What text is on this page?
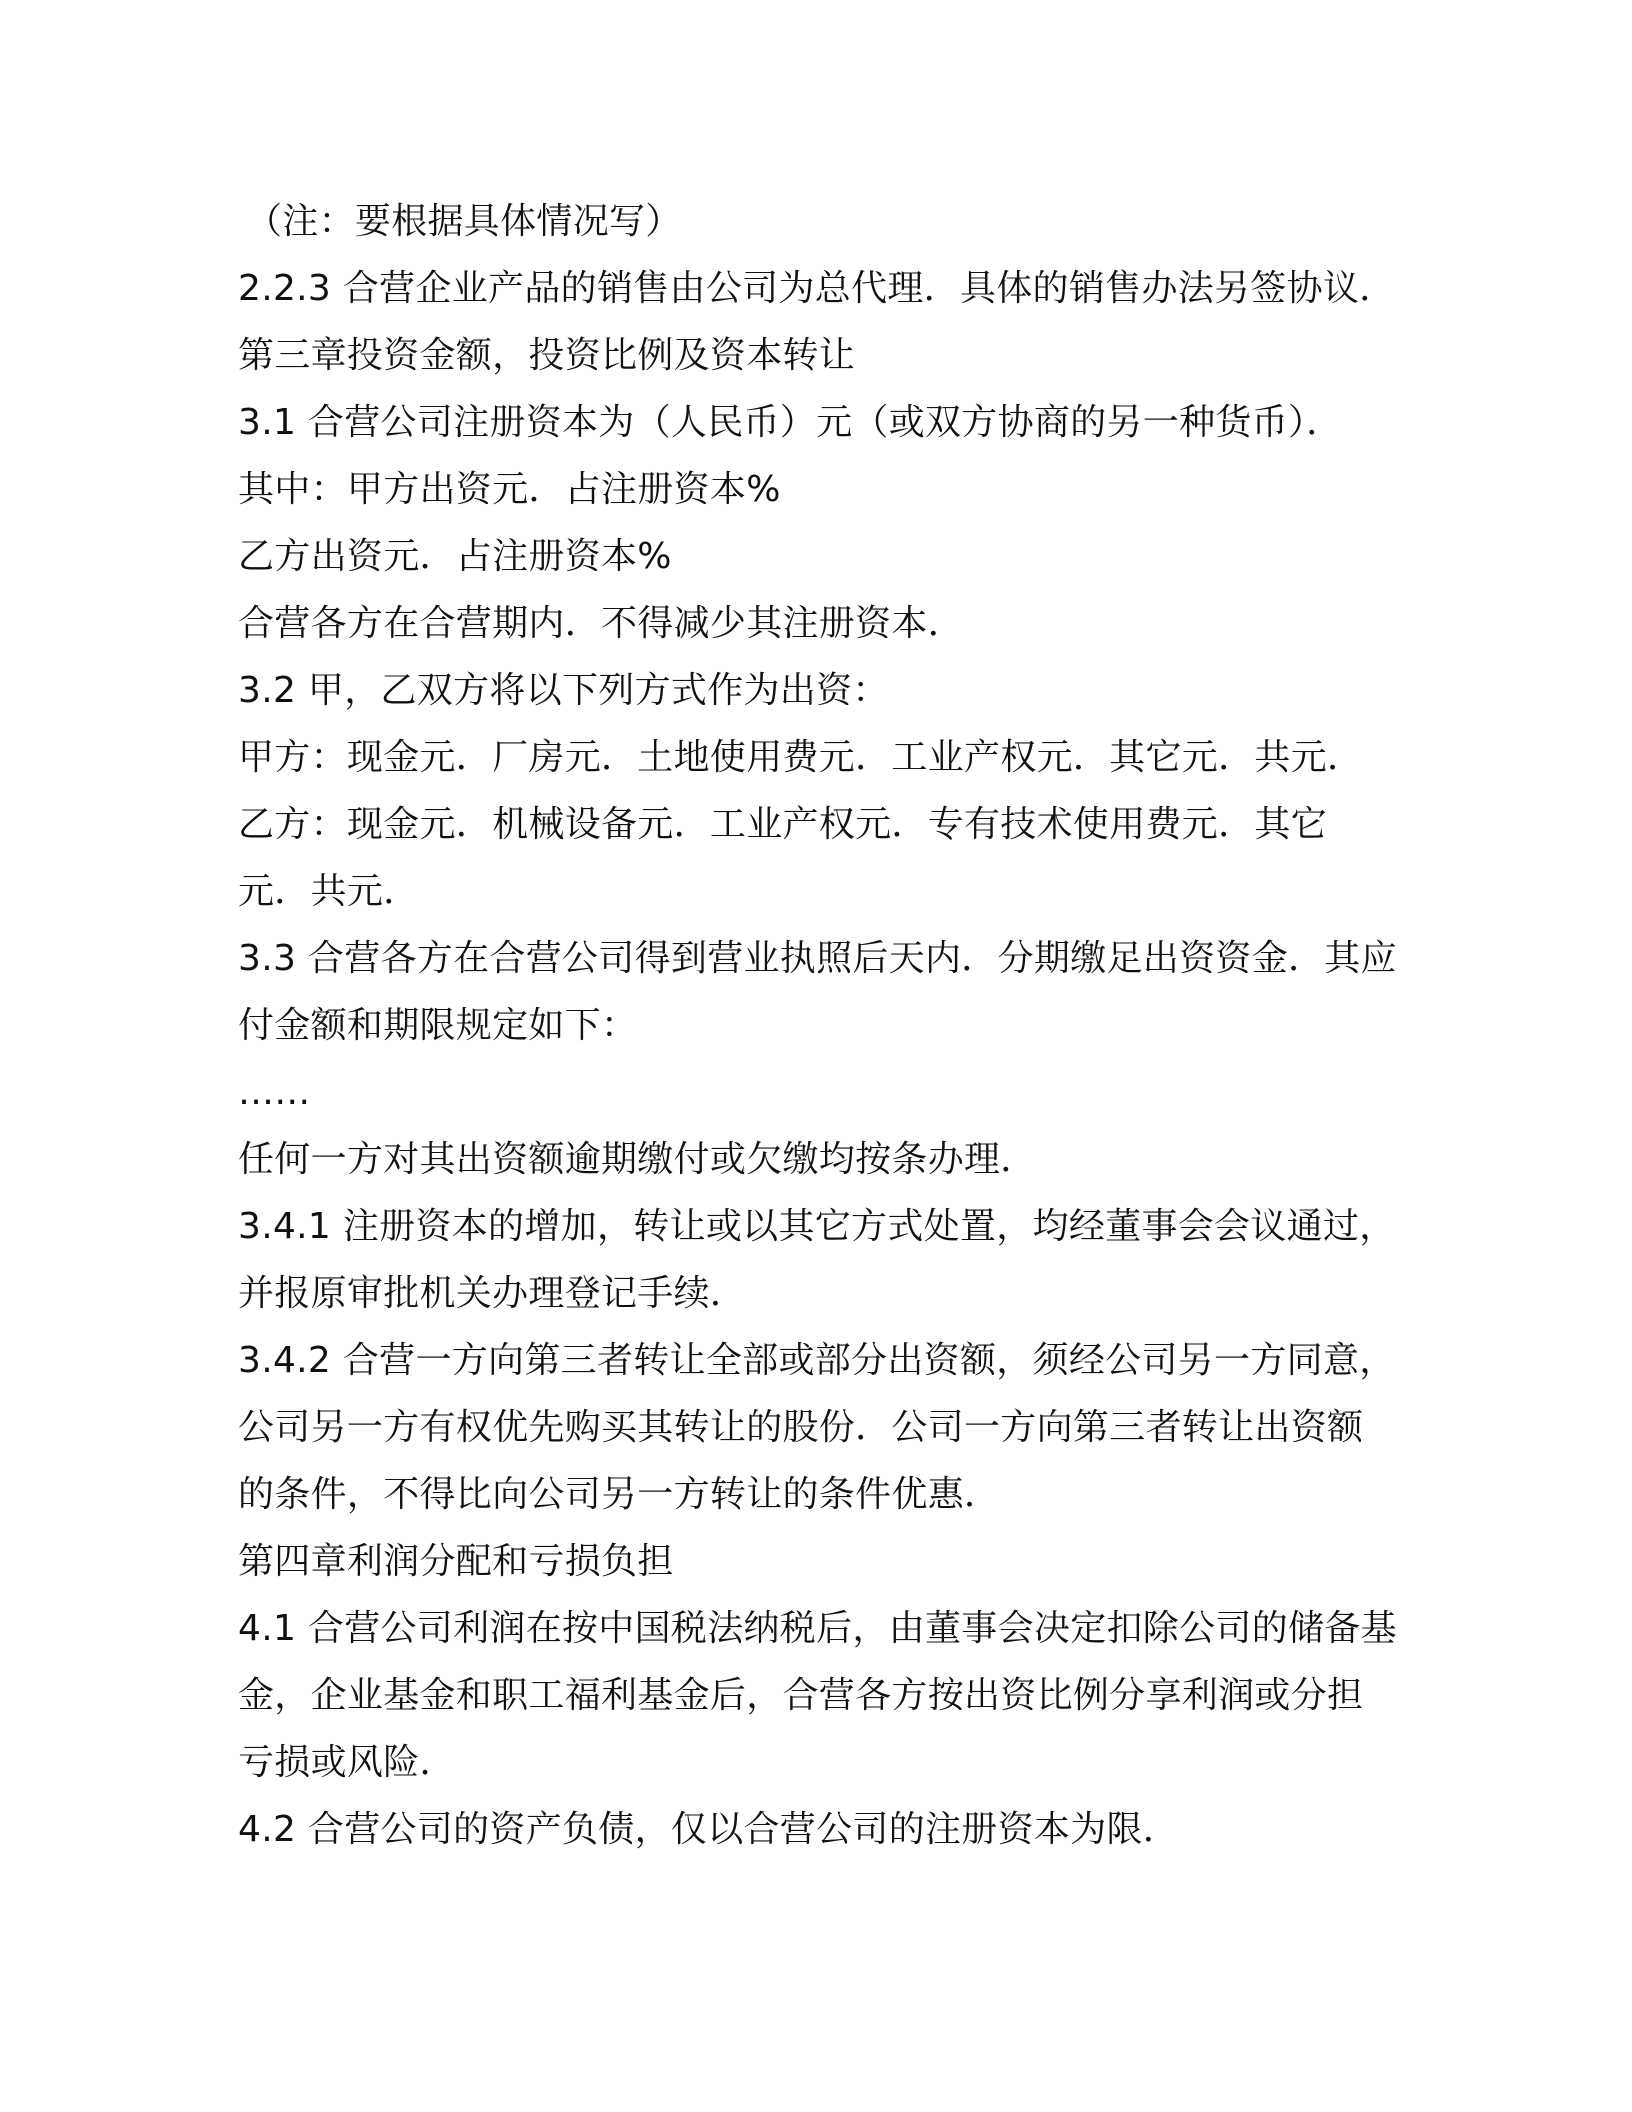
（注：要根据具体情况写）

2.2.3 合营企业产品的销售由公司为总代理．具体的销售办法另签协议．

第三章投资金额，投资比例及资本转让

3.1 合营公司注册资本为（人民币）元（或双方协商的另一种货币）．

其中：甲方出资元．占注册资本%

乙方出资元．占注册资本%

合营各方在合营期内．不得减少其注册资本．

3.2 甲，乙双方将以下列方式作为出资：

甲方：现金元．厂房元．土地使用费元．工业产权元．其它元．共元．

乙方：现金元．机械设备元．工业产权元．专有技术使用费元．其它元．共元．

3.3 合营各方在合营公司得到营业执照后天内．分期缴足出资资金．其应付金额和期限规定如下：

……

任何一方对其出资额逾期缴付或欠缴均按条办理．

3.4.1 注册资本的增加，转让或以其它方式处置，均经董事会会议通过，并报原审批机关办理登记手续．

3.4.2 合营一方向第三者转让全部或部分出资额，须经公司另一方同意，公司另一方有权优先购买其转让的股份．公司一方向第三者转让出资额的条件，不得比向公司另一方转让的条件优惠．

第四章利润分配和亏损负担

4.1 合营公司利润在按中国税法纳税后，由董事会决定扣除公司的储备基金，企业基金和职工福利基金后，合营各方按出资比例分享利润或分担亏损或风险．

4.2 合营公司的资产负债，仅以合营公司的注册资本为限．
